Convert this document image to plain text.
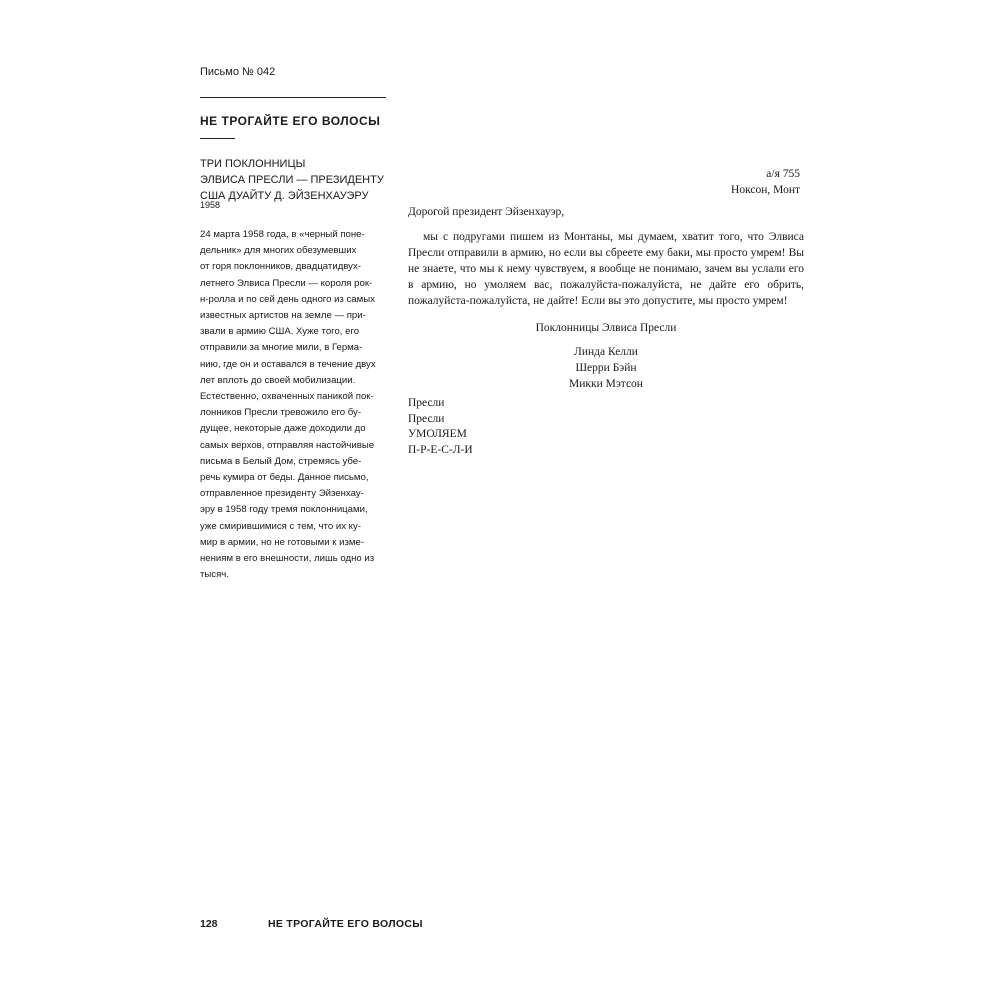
Письмо № 042
НЕ ТРОГАЙТЕ ЕГО ВОЛОСЫ
ТРИ ПОКЛОННИЦЫ
ЭЛВИСА ПРЕСЛИ — ПРЕЗИДЕНТУ
США ДУАЙТУ Д. ЭЙЗЕНХАУЭРУ
1958
24 марта 1958 года, в «черный поне-
дельник» для многих обезумевших
от горя поклонников, двадцатидвух-
летнего Элвиса Пресли — короля рок-
н-ролла и по сей день одного из самых
известных артистов на земле — при-
звали в армию США. Хуже того, его
отправили за многие мили, в Герма-
нию, где он и оставался в течение двух
лет вплоть до своей мобилизации.
Естественно, охваченных паникой пок-
лонников Пресли тревожило его бу-
дущее, некоторые даже доходили до
самых верхов, отправляя настойчивые
письма в Белый Дом, стремясь убе-
речь кумира от беды. Данное письмо,
отправленное президенту Эйзенхау-
эру в 1958 году тремя поклонницами,
уже смирившимися с тем, что их ку-
мир в армии, но не готовыми к изме-
нениям в его внешности, лишь одно из
тысяч.
а/я 755
Ноксон, Монт
Дорогой президент Эйзенхауэр,

мы с подругами пишем из Монтаны, мы думаем, хватит того, что Элвиса Пресли отправили в армию, но если вы сбреете ему баки, мы просто умрем! Вы не знаете, что мы к нему чувствуем, я вообще не понимаю, зачем вы услали его в армию, но умоляем вас, пожалуйста-пожалуйста, не дайте его обрить, пожалуйста-пожалуйста, не дайте! Если вы это допустите, мы просто умрем!

Поклонницы Элвиса Пресли
Линда Келли
Шерри Бэйн
Микки Мэтсон
Пресли
Пресли
УМОЛЯЕМ
П-Р-Е-С-Л-И
128	НЕ ТРОГАЙТЕ ЕГО ВОЛОСЫ
